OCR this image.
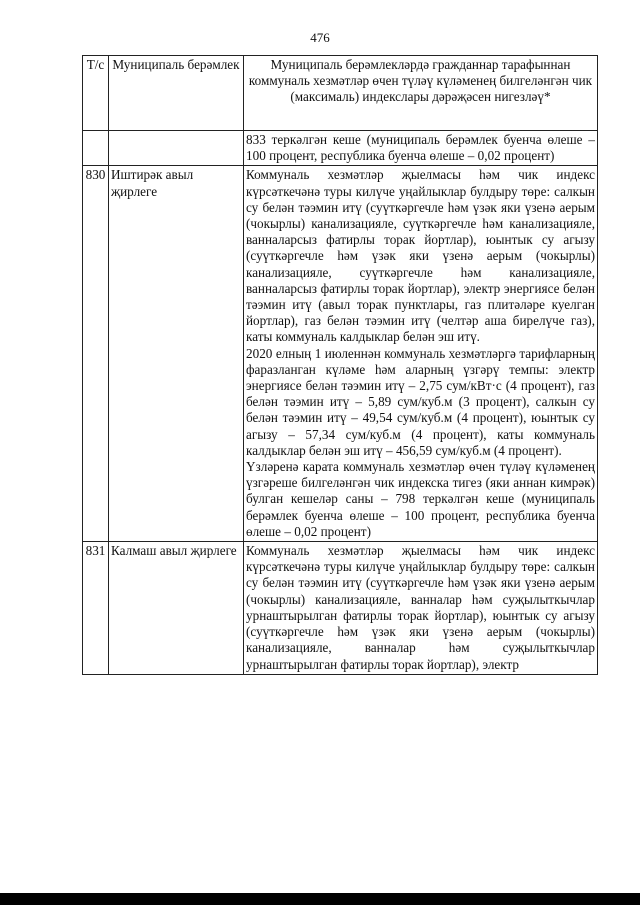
476
Т/с	Муниципаль берәмлек	Муниципаль берәмлекләрдә гражданнар тарафыннан коммуналь хезмәтләр өчен түләү күләменең билгеләнгән чик (максималь) индекслары дәрәҗәсен нигезләү*
		833 теркәлгән кеше (муниципаль берәмлек буенча өлеше – 100 процент, республика буенча өлеше – 0,02 процент)
830	Иштирәк авыл җирлеге	Коммуналь хезмәтләр җыелмасы һәм чик индекс күрсәткечәнә туры килүче уңайлыклар булдыру төре: салкын су белән тәэмин итү (суүткәргечле һәм үзәк яки үзенә аерым (чокырлы) канализацияле, суүткәргечле һәм канализацияле, ванналарсыз фатирлы торак йортлар), юынтык су агызу (суүткәргечле һәм үзәк яки үзенә аерым (чокырлы) канализацияле, суүткәргечле һәм канализацияле, ванналарсыз фатирлы торак йортлар), электр энергиясе белән тәэмин итү (авыл торак пунктлары, газ плитәләре куелган йортлар), газ белән тәэмин итү (челтәр аша бирелүче газ), каты коммуналь калдыклар белән эш итү.

2020 елның 1 июленнән коммуналь хезмәтләргә тарифларның фаразланган күләме һәм аларның үзгәрү темпы: электр энергиясе белән тәэмин итү – 2,75 сум/кВт·с (4 процент), газ белән тәэмин итү – 5,89 сум/куб.м (3 процент), салкын су белән тәэмин итү – 49,54 сум/куб.м (4 процент), юынтык су агызу – 57,34 сум/куб.м (4 процент), каты коммуналь калдыклар белән эш итү – 456,59 сум/куб.м (4 процент).

Үзләренә карата коммуналь хезмәтләр өчен түләү күләменең үзгәреше билгеләнгән чик индекска тигез (яки аннан кимрәк) булган кешеләр саны – 798 теркәлгән кеше (муниципаль берәмлек буенча өлеше – 100 процент, республика буенча өлеше – 0,02 процент)

831	Калмаш авыл җирлеге	Коммуналь хезмәтләр җыелмасы һәм чик индекс күрсәткечәнә туры килүче уңайлыклар булдыру төре: салкын су белән тәэмин итү (суүткәргечле һәм үзәк яки үзенә аерым (чокырлы) канализацияле, ванналар һәм суҗылыткычлар урнаштырылган фатирлы торак йортлар), юынтык су агызу (суүткәргечле һәм үзәк яки үзенә аерым (чокырлы) канализацияле, ванналар һәм суҗылыткычлар урнаштырылган фатирлы торак йортлар), электр
